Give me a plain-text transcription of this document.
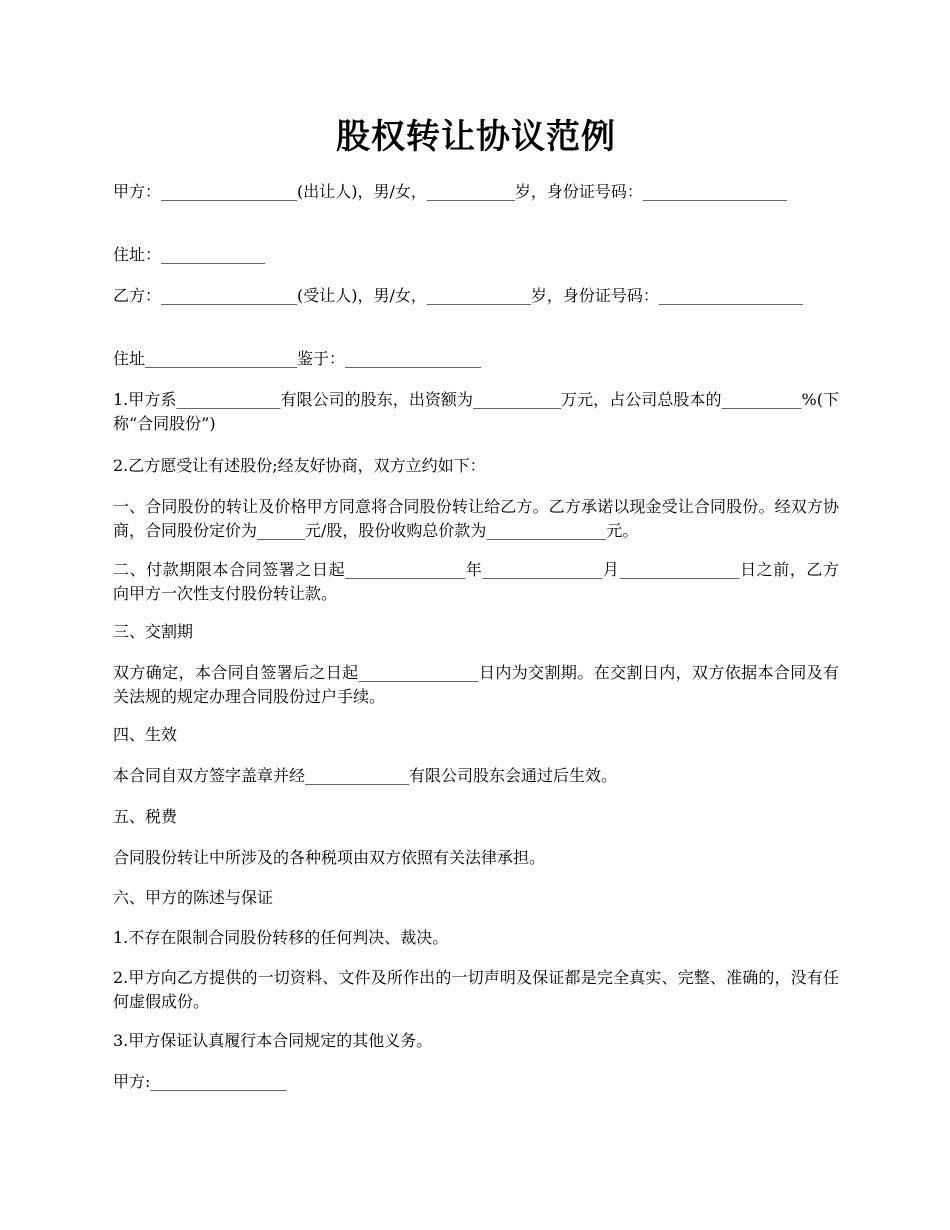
股权转让协议范例
甲方：_________________(出让人)，男/女，___________岁，身份证号码：__________________
住址：_____________
乙方：_________________(受让人)，男/女，_____________岁，身份证号码：__________________
住址___________________鉴于：_________________
1.甲方系_____________有限公司的股东，出资额为___________万元，占公司总股本的__________%(下称“合同股份”)
2.乙方愿受让有述股份;经友好协商，双方立约如下：
一、合同股份的转让及价格甲方同意将合同股份转让给乙方。乙方承诺以现金受让合同股份。经双方协商，合同股份定价为______元/股，股份收购总价款为_______________元。
二、付款期限本合同签署之日起_______________年_______________月_______________日之前，乙方向甲方一次性支付股份转让款。
三、交割期
双方确定，本合同自签署后之日起_______________日内为交割期。在交割日内，双方依据本合同及有关法规的规定办理合同股份过户手续。
四、生效
本合同自双方签字盖章并经_____________有限公司股东会通过后生效。
五、税费
合同股份转让中所涉及的各种税项由双方依照有关法律承担。
六、甲方的陈述与保证
1.不存在限制合同股份转移的任何判决、裁决。
2.甲方向乙方提供的一切资料、文件及所作出的一切声明及保证都是完全真实、完整、准确的，没有任何虚假成份。
3.甲方保证认真履行本合同规定的其他义务。
甲方:_________________
